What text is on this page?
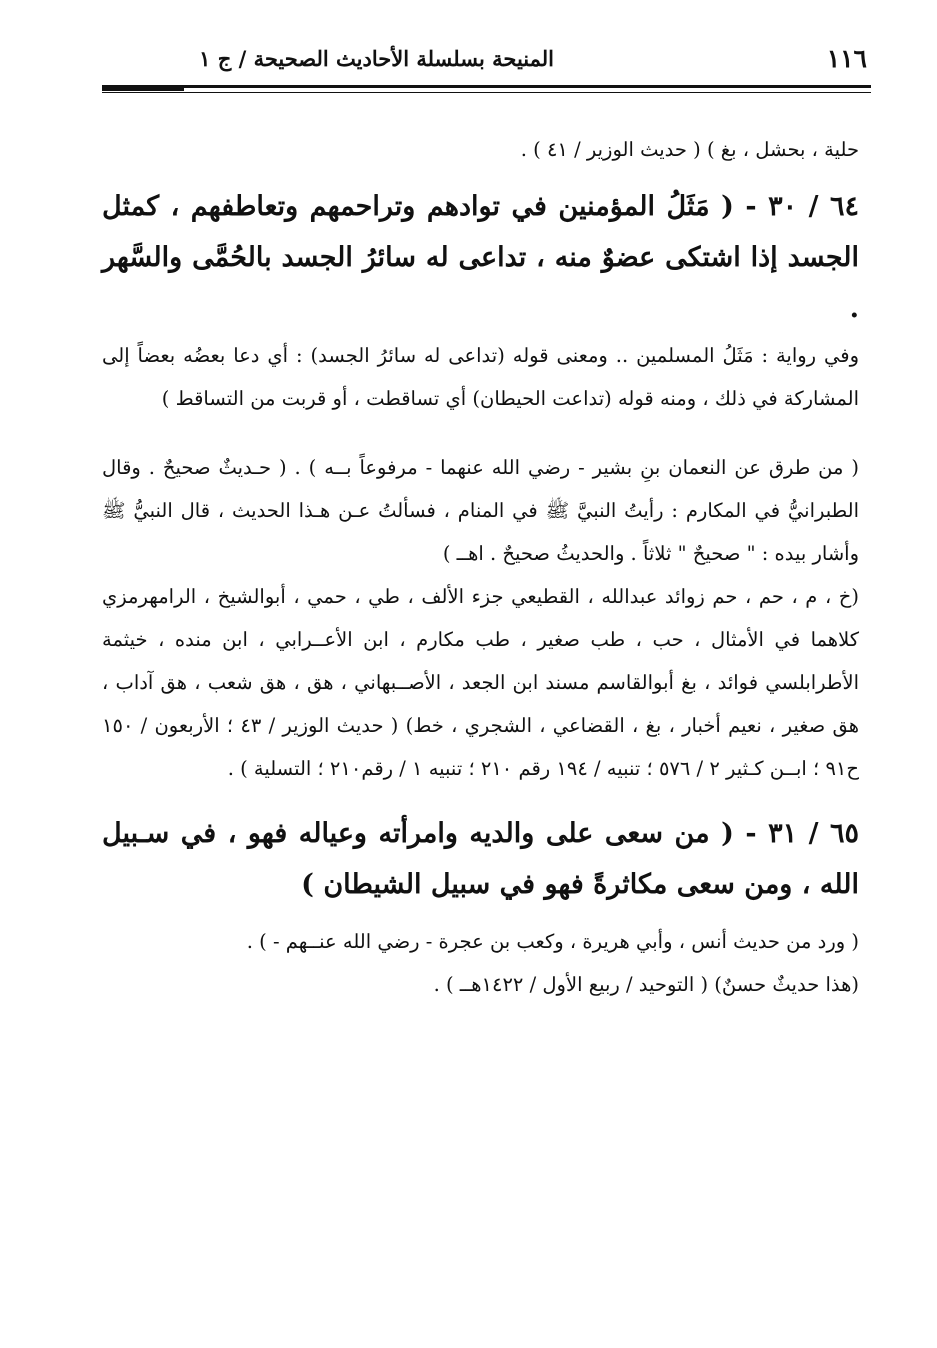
١١٦
المنيحة بسلسلة الأحاديث الصحيحة / ج ١

حلية ، بحشل ، بغ ) ( حديث الوزير / ٤١ ) .

٦٤ / ٣٠ - ( مَثَلُ المؤمنين في توادهم وتراحمهم وتعاطفهم ، كمثل الجسد إذا اشتكى عضوٌ منه ، تداعى له سائرُ الجسد بالحُمَّى والسَّهر .

وفي رواية : مَثَلُ المسلمين .. ومعنى قوله (تداعى له سائرُ الجسد) : أي دعا بعضُه بعضاً إلى المشاركة في ذلك ، ومنه قوله (تداعت الحيطان) أي تساقطت ، أو قربت من التساقط )

( من طرق عن النعمان بنِ بشير - رضي الله عنهما - مرفوعاً بــه ) . ( حـديثٌ صحيحٌ . وقال الطبرانيُّ في المكارم : رأيتُ النبيَّ ﷺ في المنام ، فسألتُ عـن هـذا الحديث ، قال النبيُّ ﷺ وأشار بيده : " صحيحٌ " ثلاثاً . والحديثُ صحيحٌ . اهــ )

(خ ، م ، حم ، حم زوائد عبدالله ، القطيعي جزء الألف ، طي ، حمي ، أبوالشيخ ، الرامهرمزي كلاهما في الأمثال ، حب ، طب صغير ، طب مكارم ، ابن الأعــرابي ، ابن منده ، خيثمة الأطرابلسي فوائد ، بغ أبوالقاسم مسند ابن الجعد ، الأصــبهاني ، هق ، هق شعب ، هق آداب ، هق صغير ، نعيم أخبار ، بغ ، القضاعي ، الشجري ، خط) ( حديث الوزير / ٤٣ ؛ الأربعون / ١٥٠ ح٩١ ؛ ابــن كـثير ٢ / ٥٧٦ ؛ تنبيه / ١٩٤ رقم ٢١٠ ؛ تنبيه ١ / رقم٢١٠ ؛ التسلية ) .

٦٥ / ٣١ - ( من سعى على والديه وامرأته وعياله فهو ، في سـبيل الله ، ومن سعى مكاثرةً فهو في سبيل الشيطان )

( ورد من حديث أنس ، وأبي هريرة ، وكعب بن عجرة - رضي الله عنــهم - ) .

(هذا حديثٌ حسنٌ) ( التوحيد / ربيع الأول / ١٤٢٢هــ ) .
